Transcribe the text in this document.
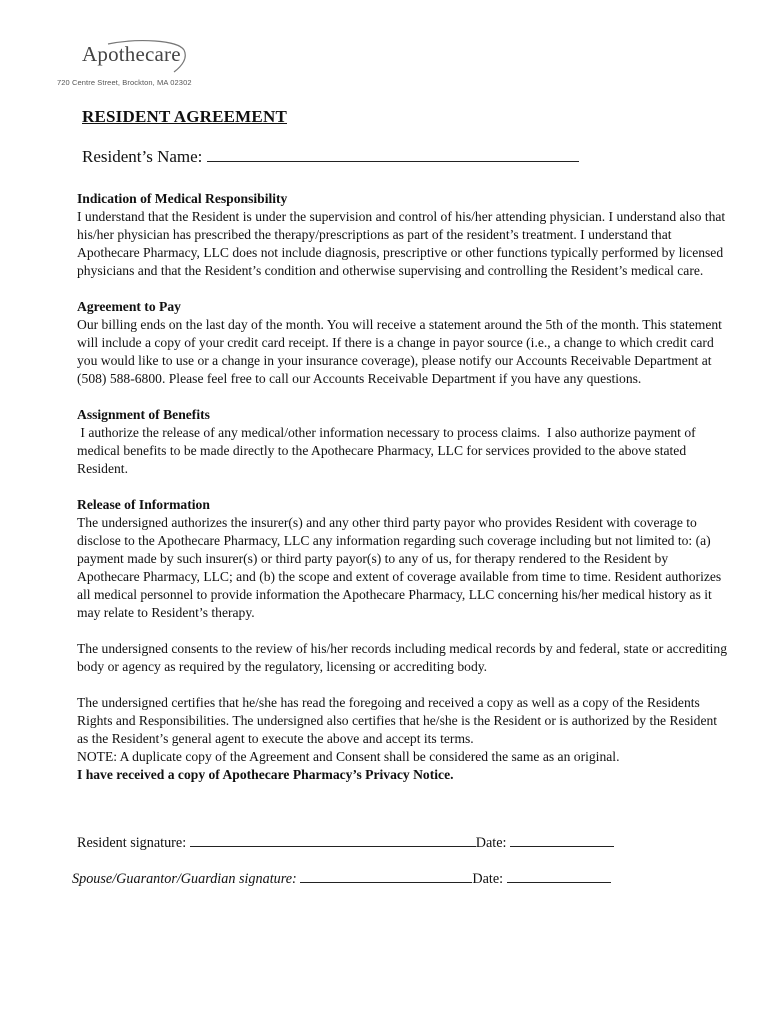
Apothecare
720 Centre Street, Brockton, MA 02302
RESIDENT AGREEMENT
Resident’s Name:
Indication of Medical Responsibility
I understand that the Resident is under the supervision and control of his/her attending physician. I understand also that his/her physician has prescribed the therapy/prescriptions as part of the resident’s treatment. I understand that Apothecare Pharmacy, LLC does not include diagnosis, prescriptive or other functions typically performed by licensed physicians and that the Resident’s condition and otherwise supervising and controlling the Resident’s medical care.
Agreement to Pay
Our billing ends on the last day of the month. You will receive a statement around the 5th of the month. This statement will include a copy of your credit card receipt. If there is a change in payor source (i.e., a change to which credit card you would like to use or a change in your insurance coverage), please notify our Accounts Receivable Department at (508) 588-6800. Please feel free to call our Accounts Receivable Department if you have any questions.
Assignment of Benefits
I authorize the release of any medical/other information necessary to process claims.  I also authorize payment of medical benefits to be made directly to the Apothecare Pharmacy, LLC for services provided to the above stated Resident.
Release of Information
The undersigned authorizes the insurer(s) and any other third party payor who provides Resident with coverage to disclose to the Apothecare Pharmacy, LLC any information regarding such coverage including but not limited to: (a) payment made by such insurer(s) or third party payor(s) to any of us, for therapy rendered to the Resident by Apothecare Pharmacy, LLC; and (b) the scope and extent of coverage available from time to time. Resident authorizes all medical personnel to provide information the Apothecare Pharmacy, LLC concerning his/her medical history as it may relate to Resident’s therapy.
The undersigned consents to the review of his/her records including medical records by and federal, state or accrediting body or agency as required by the regulatory, licensing or accrediting body.
The undersigned certifies that he/she has read the foregoing and received a copy as well as a copy of the Residents Rights and Responsibilities. The undersigned also certifies that he/she is the Resident or is authorized by the Resident as the Resident’s general agent to execute the above and accept its terms.
NOTE: A duplicate copy of the Agreement and Consent shall be considered the same as an original.
I have received a copy of Apothecare Pharmacy’s Privacy Notice.
Resident signature:	Date:
Spouse/Guarantor/Guardian signature:	Date:
